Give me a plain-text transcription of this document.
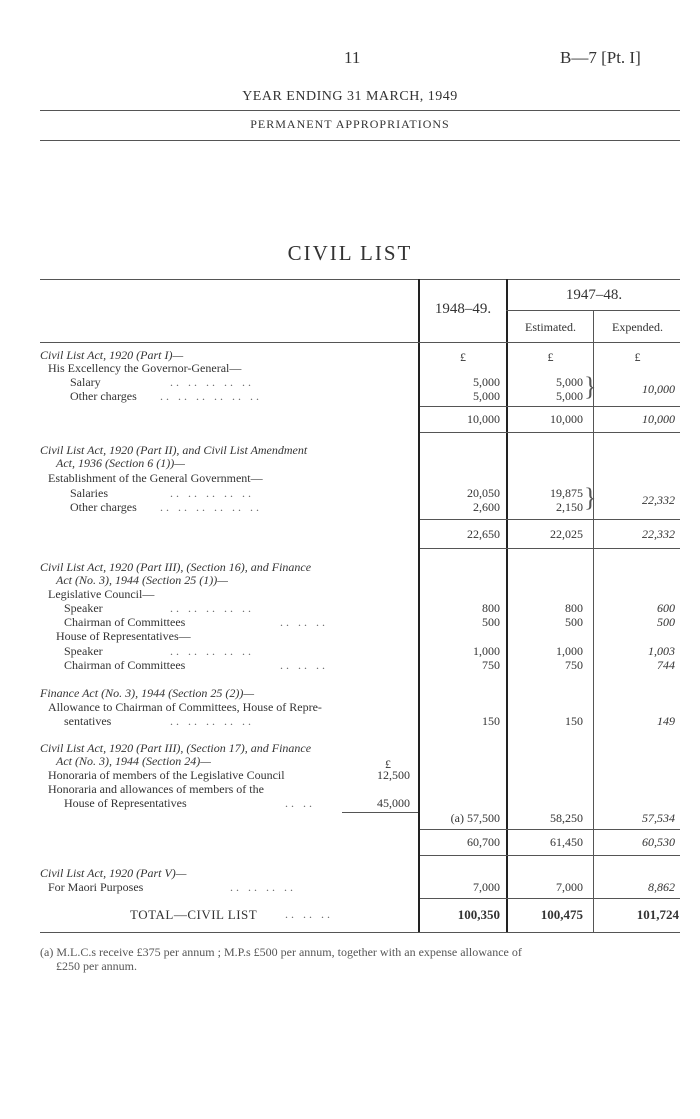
11	B—7 [Pt. I]
YEAR ENDING 31 MARCH, 1949
PERMANENT APPROPRIATIONS
CIVIL LIST
1948–49.
1947–48.
Estimated.	Expended.
£	£	£
Civil List Act, 1920 (Part I)—
His Excellency the Governor-General—
Salary	.. .. .. .. ..	5,000	5,000
Other charges .. .. .. .. .. ..	5,000	5,000 }	10,000
10,000	10,000	10,000
Civil List Act, 1920 (Part II), and Civil List Amendment
Act, 1936 (Section 6 (1))—
Establishment of the General Government—
Salaries	.. .. .. .. ..	20,050	19,875
Other charges .. .. .. .. .. ..	2,600	2,150 }	22,332
22,650	22,025	22,332
Civil List Act, 1920 (Part III), (Section 16), and Finance
Act (No. 3), 1944 (Section 25 (1))—
Legislative Council—
Speaker	.. .. .. .. ..	800	800	600
Chairman of Committees	.. .. ..	500	500	500
House of Representatives—
Speaker	.. .. .. .. ..	1,000	1,000	1,003
Chairman of Committees	.. .. ..	750	750	744
Finance Act (No. 3), 1944 (Section 25 (2))—
Allowance to Chairman of Committees, House of Repre-
sentatives	.. .. .. .. ..	150	150	149
Civil List Act, 1920 (Part III), (Section 17), and Finance
Act (No. 3), 1944 (Section 24)—	£
Honoraria of members of the Legislative Council	12,500
Honoraria and allowances of members of the
House of Representatives	.. ..	45,000
(a) 57,500	58,250	57,534
60,700	61,450	60,530
Civil List Act, 1920 (Part V)—
For Maori Purposes	.. .. .. ..	7,000	7,000	8,862
TOTAL—CIVIL LIST .. .. ..	100,350	100,475	101,724
(a) M.L.C.s receive £375 per annum ; M.P.s £500 per annum, together with an expense allowance of
£250 per annum.
